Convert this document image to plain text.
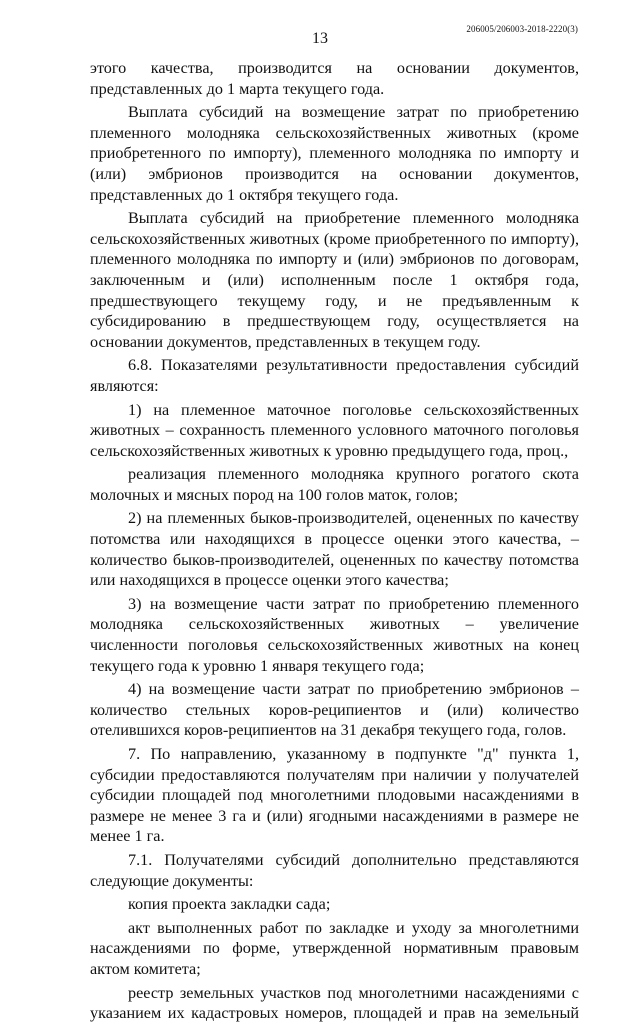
13
206005/206003-2018-2220(3)

этого качества, производится на основании документов, представленных до 1 марта текущего года.

Выплата субсидий на возмещение затрат по приобретению племенного молодняка сельскохозяйственных животных (кроме приобретенного по импорту), племенного молодняка по импорту и (или) эмбрионов производится на основании документов, представленных до 1 октября текущего года.

Выплата субсидий на приобретение племенного молодняка сельскохозяйственных животных (кроме приобретенного по импорту), племенного молодняка по импорту и (или) эмбрионов по договорам, заключенным и (или) исполненным после 1 октября года, предшествующего текущему году, и не предъявленным к субсидированию в предшествующем году, осуществляется на основании документов, представленных в текущем году.

6.8. Показателями результативности предоставления субсидий являются:

1) на племенное маточное поголовье сельскохозяйственных животных – сохранность племенного условного маточного поголовья сельскохозяйственных животных к уровню предыдущего года, проц.,

реализация племенного молодняка крупного рогатого скота молочных и мясных пород на 100 голов маток, голов;

2) на племенных быков-производителей, оцененных по качеству потомства или находящихся в процессе оценки этого качества, – количество быков-производителей, оцененных по качеству потомства или находящихся в процессе оценки этого качества;

3) на возмещение части затрат по приобретению племенного молодняка сельскохозяйственных животных – увеличение численности поголовья сельскохозяйственных животных на конец текущего года к уровню 1 января текущего года;

4) на возмещение части затрат по приобретению эмбрионов – количество стельных коров-реципиентов и (или) количество отелившихся коров-реципиентов на 31 декабря текущего года, голов.

7. По направлению, указанному в подпункте "д" пункта 1, субсидии предоставляются получателям при наличии у получателей субсидии площадей под многолетними плодовыми насаждениями в размере не менее 3 га и (или) ягодными насаждениями в размере не менее 1 га.

7.1. Получателями субсидий дополнительно представляются следующие документы:

копия проекта закладки сада;

акт выполненных работ по закладке и уходу за многолетними насаждениями по форме, утвержденной нормативным правовым актом комитета;

реестр земельных участков под многолетними насаждениями с указанием их кадастровых номеров, площадей и прав на земельный
